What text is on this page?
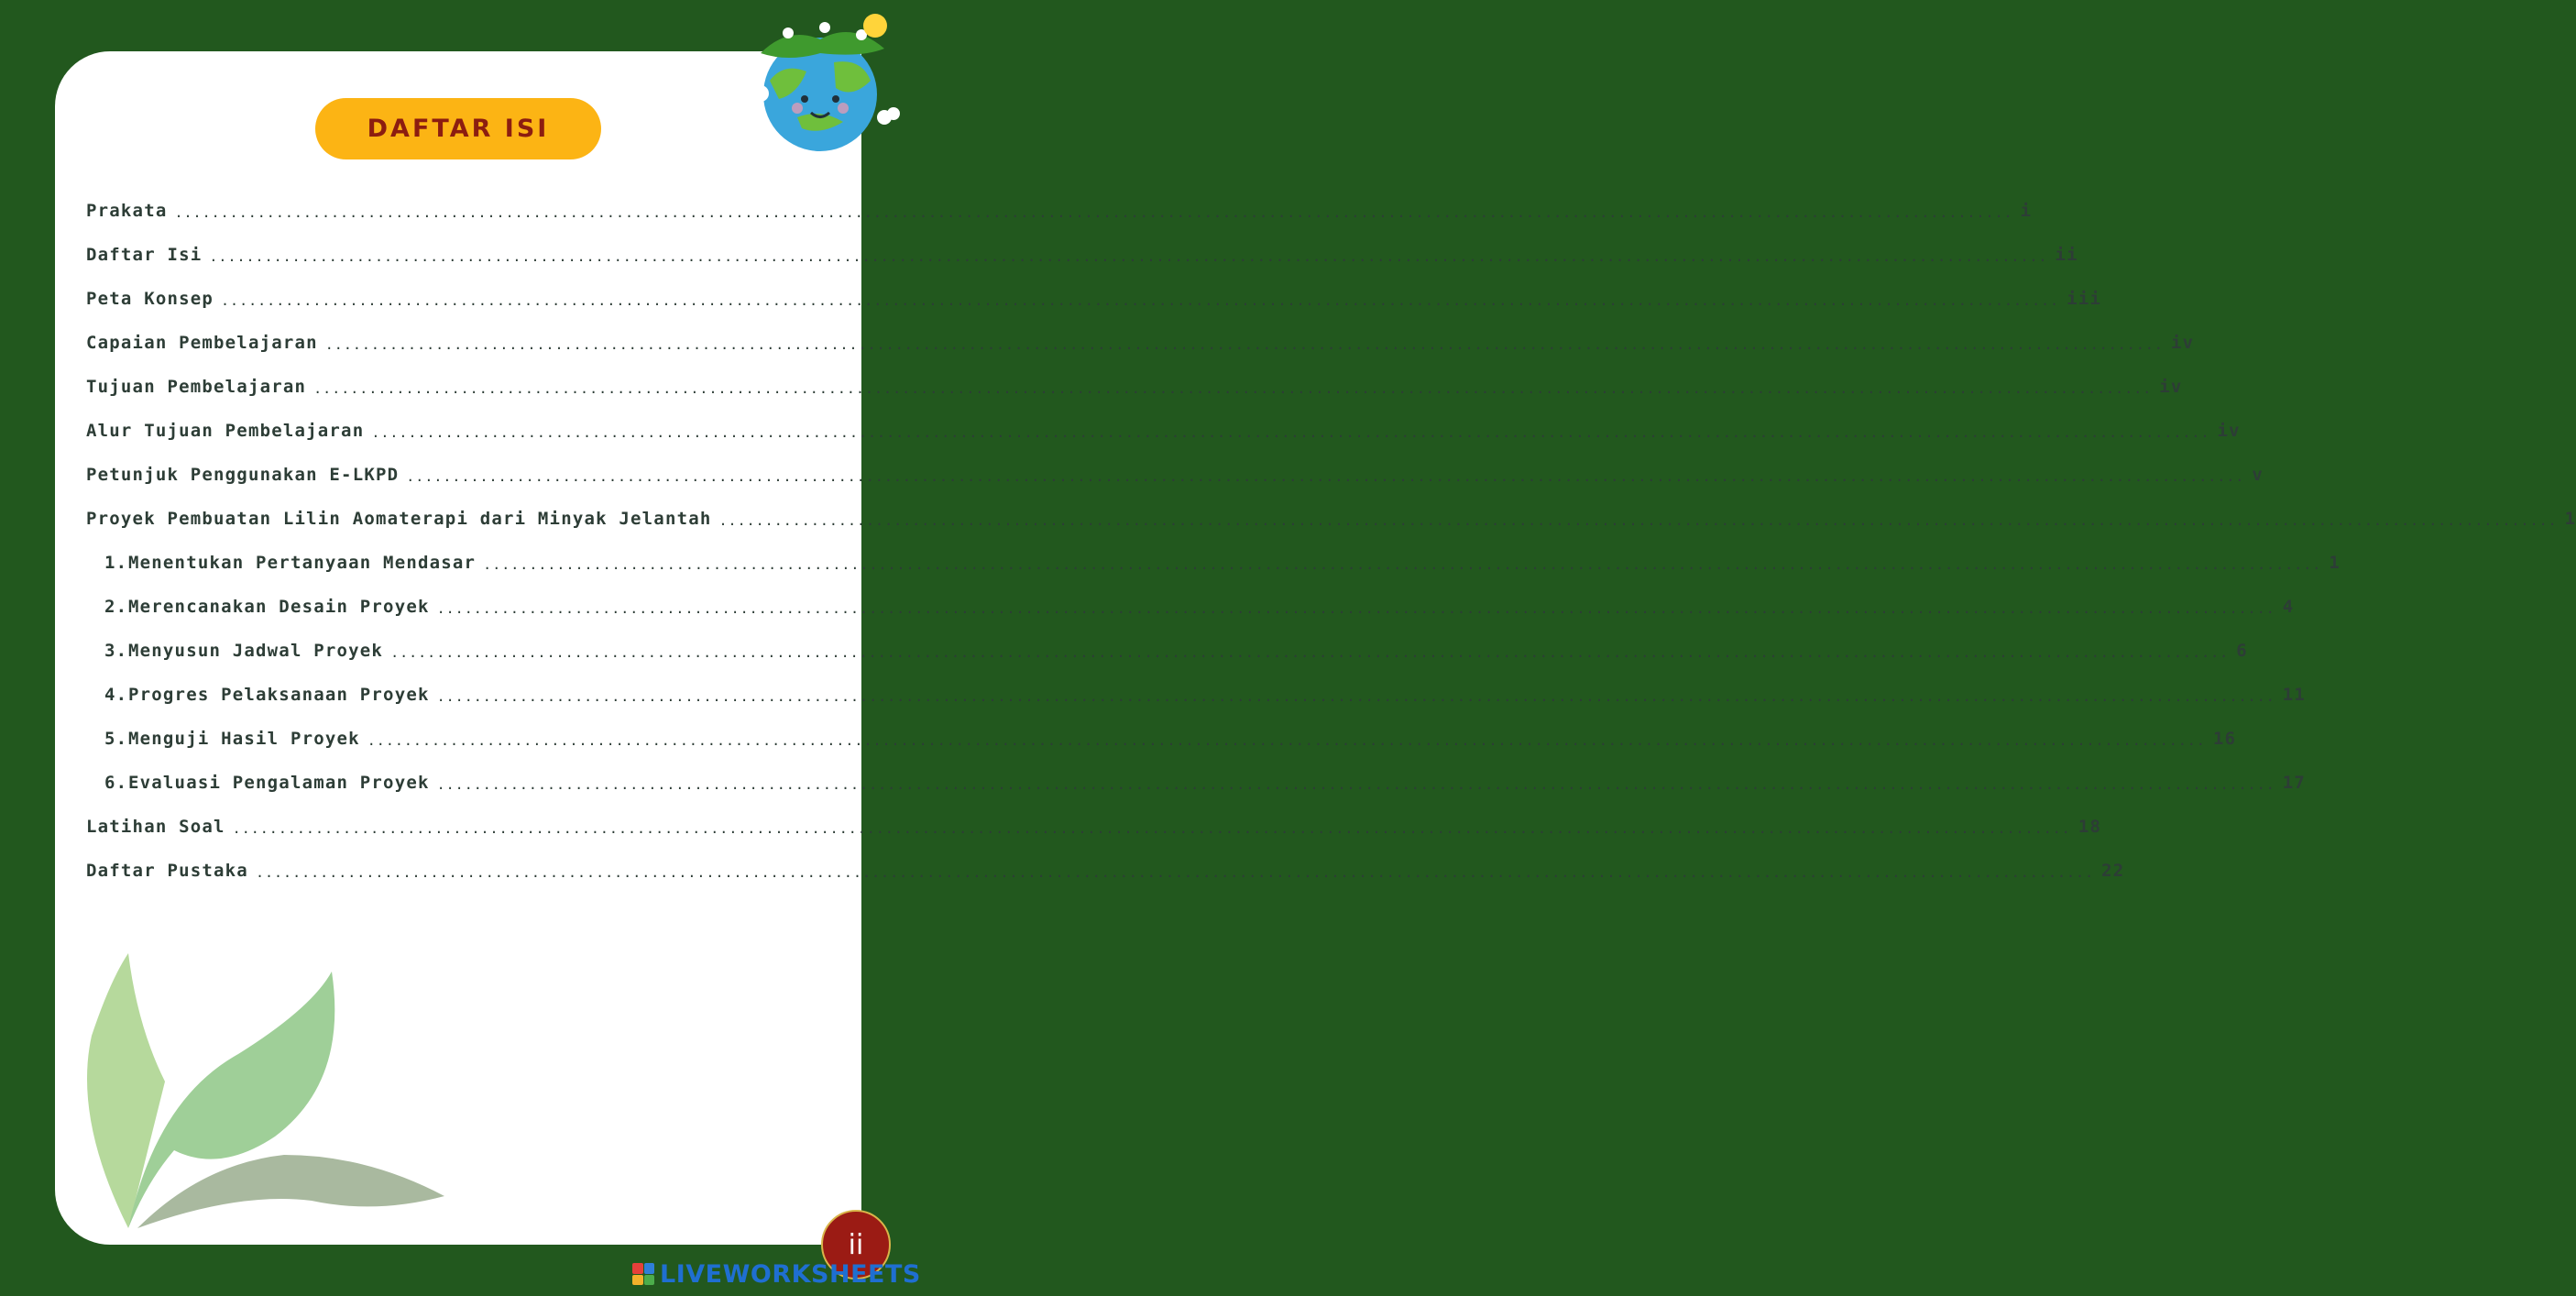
DAFTAR ISI
Prakata ........................................................................................................................................................................................................ i
Daftar Isi ........................................................................................................................................................................................................ ii
Peta Konsep ........................................................................................................................................................................................................ iii
Capaian Pembelajaran ........................................................................................................................................................................................................ iv
Tujuan Pembelajaran ........................................................................................................................................................................................................ iv
Alur Tujuan Pembelajaran ........................................................................................................................................................................................................ iv
Petunjuk Penggunakan E-LKPD ........................................................................................................................................................................................................ v
Proyek Pembuatan Lilin Aomaterapi dari Minyak Jelantah ........................................................................................................................................................................................................ 1
1. Menentukan Pertanyaan Mendasar ........................................................................................................................................................................................................ 1
2. Merencanakan Desain Proyek ........................................................................................................................................................................................................ 4
3. Menyusun Jadwal Proyek ........................................................................................................................................................................................................ 6
4. Progres Pelaksanaan Proyek ........................................................................................................................................................................................................ 11
5. Menguji Hasil Proyek ........................................................................................................................................................................................................ 16
6. Evaluasi Pengalaman Proyek ........................................................................................................................................................................................................ 17
Latihan Soal ........................................................................................................................................................................................................ 18
Daftar Pustaka ........................................................................................................................................................................................................ 22
ii
LIVEWORKSHEETS
